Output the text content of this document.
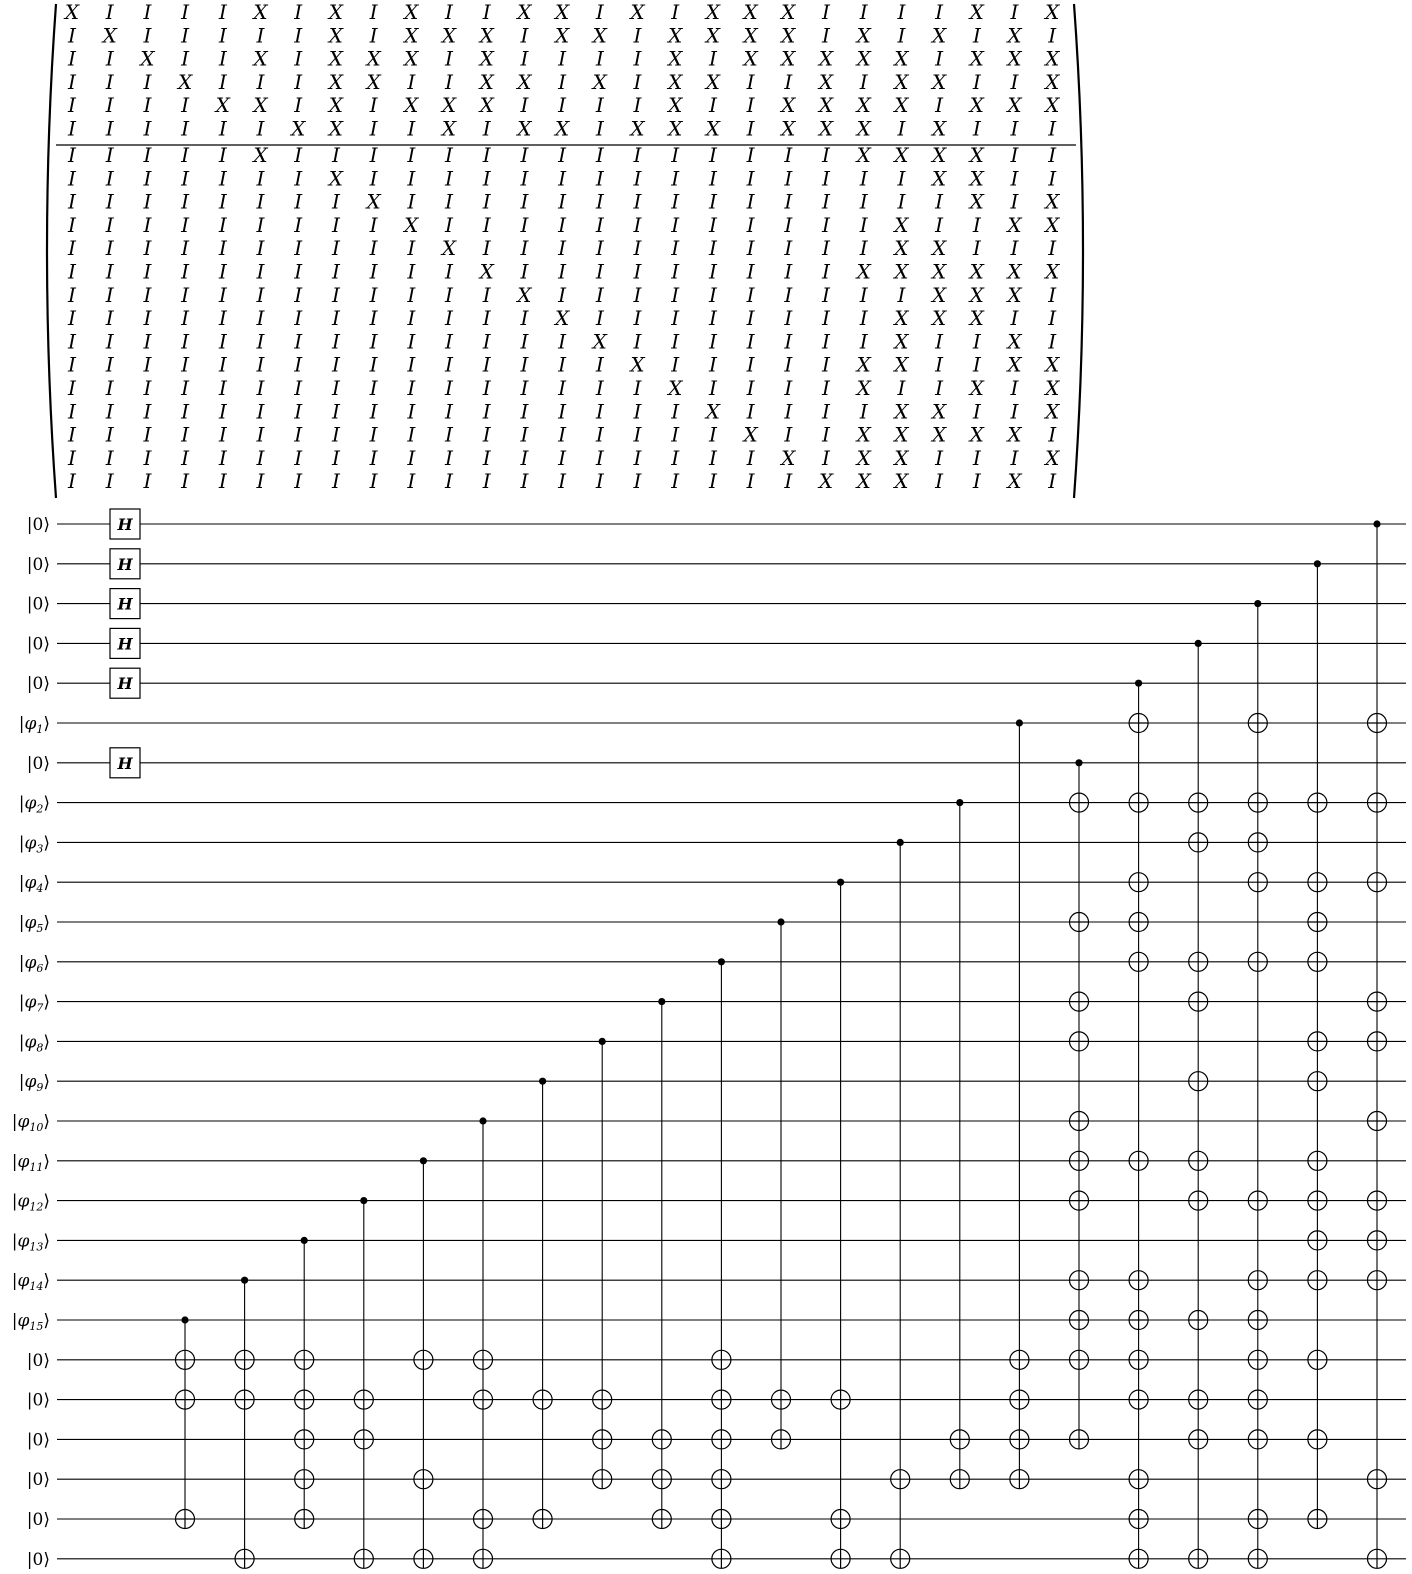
X I I I I X I X I X I I X X I X I X X X I I I I X I X
I X I I I I I X I X X X I X X I X X X X I X I X I X I
I I X I I X I X X X I X I I I I X I X X X X X I X X X
I I I X I I I X X I I X X I X I X X I I X I X X I I X
I I I I X X I X I X X X I I I I X I I X X X X I X X X
I I I I I I X X I I X I X X I X X X I X X X I X I I I
I I I I I X I I I I I I I I I I I I I I I X X X X I I
I I I I I I I X I I I I I I I I I I I I I I I X X I I
I I I I I I I I X I I I I I I I I I I I I I I I X I X
I I I I I I I I I X I I I I I I I I I I I I X I I X X
I I I I I I I I I I X I I I I I I I I I I I X X I I I
I I I I I I I I I I I X I I I I I I I I I X X X X X X
I I I I I I I I I I I I X I I I I I I I I I I X X X I
I I I I I I I I I I I I I X I I I I I I I I X X X I I
I I I I I I I I I I I I I I X I I I I I I I X I I X I
I I I I I I I I I I I I I I I X I I I I I X X I I X X
I I I I I I I I I I I I I I I I X I I I I X I I X I X
I I I I I I I I I I I I I I I I I X I I I I X X I I X
I I I I I I I I I I I I I I I I I I X I I X X X X X I
I I I I I I I I I I I I I I I I I I I X I X X I I I X
I I I I I I I I I I I I I I I I I I I I X X X I I X I
|0⟩
|0⟩
|0⟩
|0⟩
|0⟩
$|\varphi_1⟩$
|0⟩
$|\varphi_2⟩$
$|\varphi_3⟩$
$|\varphi_4⟩$
$|\varphi_5⟩$
$|\varphi_6⟩$
$|\varphi_7⟩$
$|\varphi_8⟩$
$|\varphi_9⟩$
$|\varphi_{10}⟩$
$|\varphi_{11}⟩$
$|\varphi_{12}⟩$
$|\varphi_{13}⟩$
$|\varphi_{14}⟩$
$|\varphi_{15}⟩$
|0⟩
|0⟩
|0⟩
|0⟩
|0⟩
|0⟩
H
H
H
H
H
H
